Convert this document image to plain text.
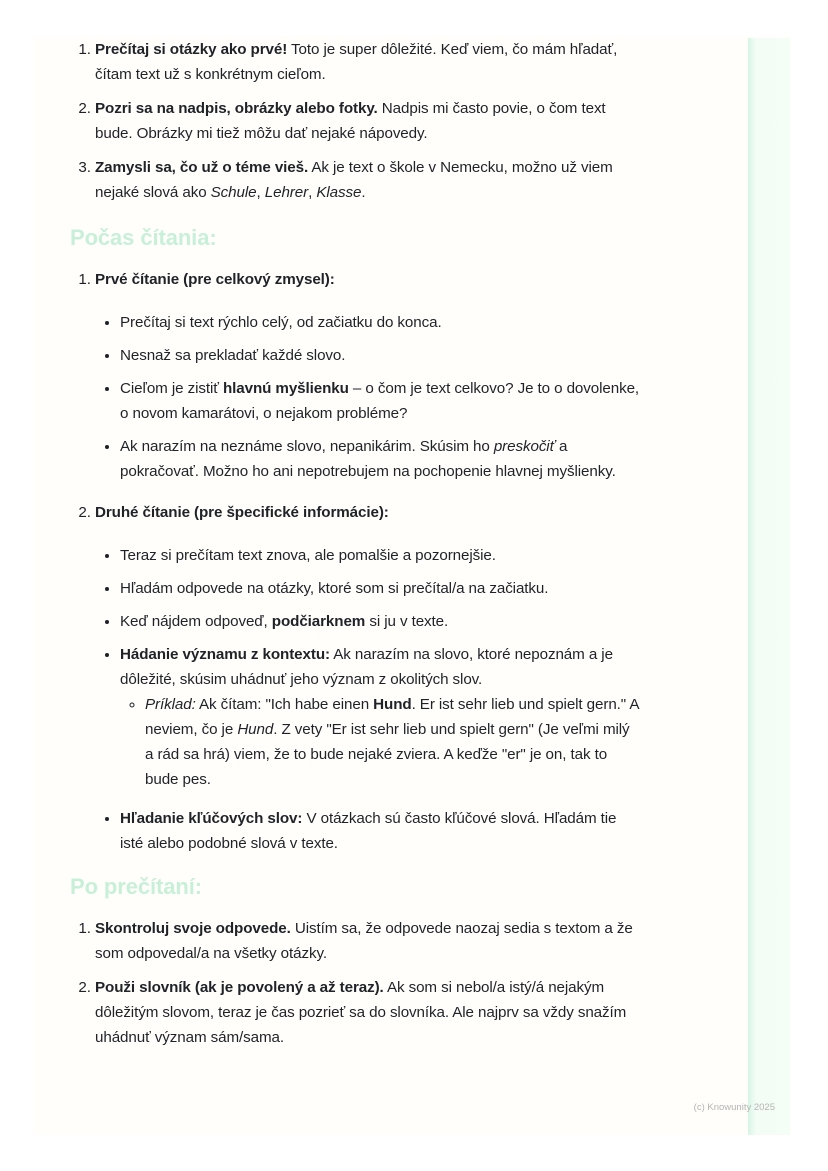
1. Prečítaj si otázky ako prvé! Toto je super dôležité. Keď viem, čo mám hľadať, čítam text už s konkrétnym cieľom.
2. Pozri sa na nadpis, obrázky alebo fotky. Nadpis mi často povie, o čom text bude. Obrázky mi tiež môžu dať nejaké nápovedy.
3. Zamysli sa, čo už o téme vieš. Ak je text o škole v Nemecku, možno už viem nejaké slová ako Schule, Lehrer, Klasse.
Počas čítania:
1. Prvé čítanie (pre celkový zmysel):
• Prečítaj si text rýchlo celý, od začiatku do konca.
• Nesnaž sa prekladať každé slovo.
• Cieľom je zistiť hlavnú myšlienku – o čom je text celkovo? Je to o dovolenke, o novom kamarátovi, o nejakom probléme?
• Ak narazím na neznáme slovo, nepanikárim. Skúsim ho preskočiť a pokračovať. Možno ho ani nepotrebujem na pochopenie hlavnej myšlienky.
2. Druhé čítanie (pre špecifické informácie):
• Teraz si prečítam text znova, ale pomalšie a pozornejšie.
• Hľadám odpovede na otázky, ktoré som si prečítal/a na začiatku.
• Keď nájdem odpoveď, podčiarknem si ju v texte.
• Hádanie významu z kontextu: Ak narazím na slovo, ktoré nepoznám a je dôležité, skúsim uhádnuť jeho význam z okolitých slov.
◦ Príklad: Ak čítam: "Ich habe einen Hund. Er ist sehr lieb und spielt gern." A neviem, čo je Hund. Z vety "Er ist sehr lieb und spielt gern" (Je veľmi milý a rád sa hrá) viem, že to bude nejaké zviera. A keďže "er" je on, tak to bude pes.
• Hľadanie kľúčových slov: V otázkach sú často kľúčové slová. Hľadám tie isté alebo podobné slová v texte.
Po prečítaní:
1. Skontroluj svoje odpovede. Uistím sa, že odpovede naozaj sedia s textom a že som odpovedal/a na všetky otázky.
2. Použi slovník (ak je povolený a až teraz). Ak som si nebol/a istý/á nejakým dôležitým slovom, teraz je čas pozrieť sa do slovníka. Ale najprv sa vždy snažím uhádnuť význam sám/sama.
(c) Knowunity 2025
